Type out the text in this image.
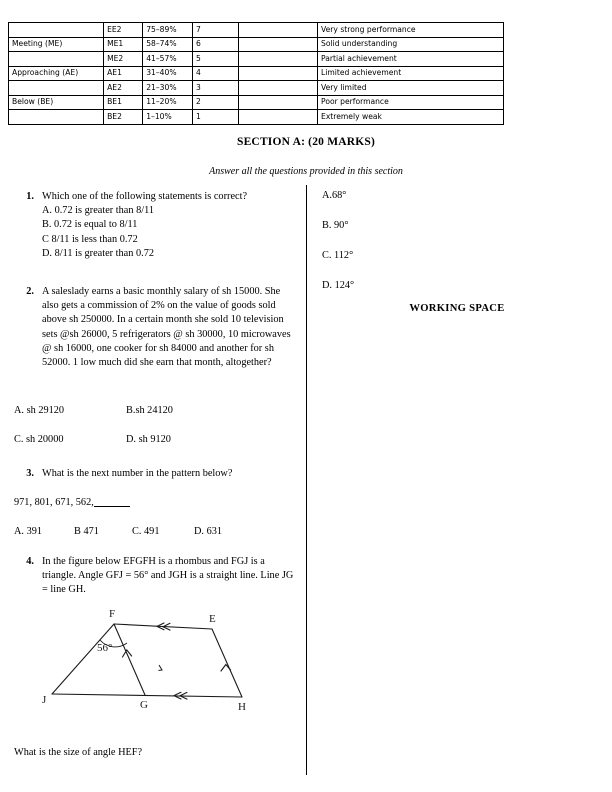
	EE2	75–89%	7		Very strong performance
Meeting (ME)	ME1	58–74%	6		Solid understanding
	ME2	41–57%	5		Partial achievement
Approaching (AE)	AE1	31–40%	4		Limited achievement
	AE2	21–30%	3		Very limited
Below (BE)	BE1	11–20%	2		Poor performance
	BE2	1–10%	1		Extremely weak
SECTION A: (20 MARKS)
Answer all the questions provided in this section
1. Which one of the following statements is correct?
A. 0.72 is greater than 8/11
B. 0.72 is equal to 8/11
C 8/11 is less than 0.72
D. 8/11 is greater than 0.72
2. A saleslady earns a basic monthly salary of sh 15000. She also gets a commission of 2% on the value of goods sold above sh 250000. In a certain month she sold 10 television sets @sh 26000, 5 refrigerators @ sh 30000, 10 microwaves @ sh 16000, one cooker for sh 84000 and another for sh 52000. 1 low much did she earn that month, altogether?
A. sh 29120	B.sh 24120
C. sh 20000	D. sh 9120
3. What is the next number in the pattern below?
971, 801, 671, 562,
A. 391	B 471	C. 491	D. 631
4. In the figure below EFGFH is a rhombus and FGJ is a triangle. Angle GFJ = 56° and JGH is a straight line. Line JG = line GH.
F	E
J	G	H
56°
What is the size of angle HEF?
A.68°
B. 90°
C. 112°
D. 124°
WORKING SPACE
